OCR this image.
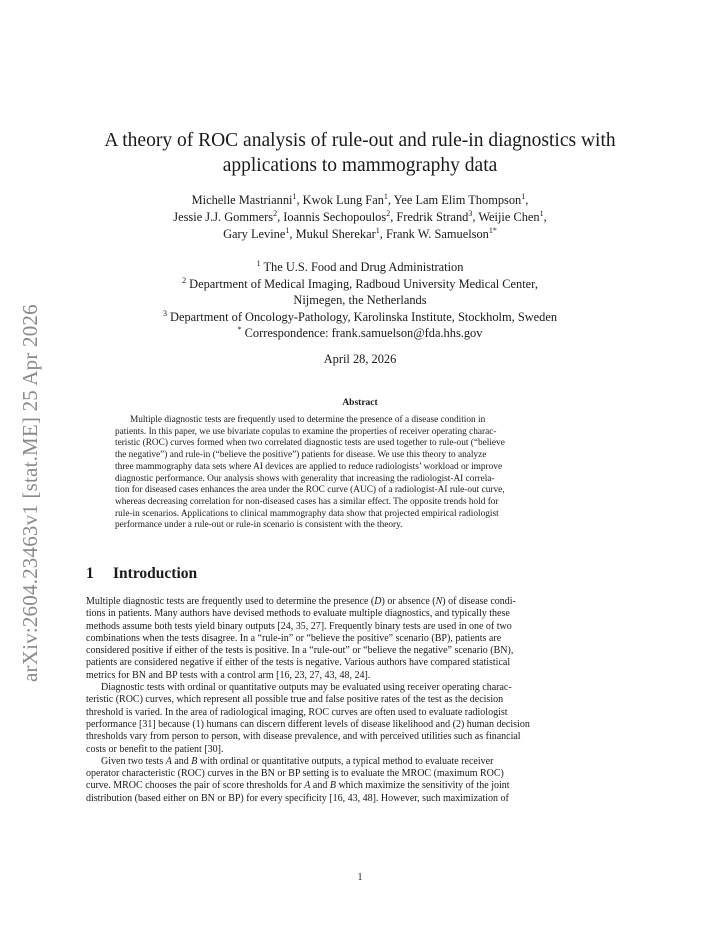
arXiv:2604.23463v1 [stat.ME] 25 Apr 2026
A theory of ROC analysis of rule-out and rule-in diagnostics with
applications to mammography data
Michelle Mastrianni$^1$, Kwok Lung Fan$^1$, Yee Lam Elim Thompson$^1$,
Jessie J.J. Gommers$^2$, Ioannis Sechopoulos$^2$, Fredrik Strand$^3$, Weijie Chen$^1$,
Gary Levine$^1$, Mukul Sherekar$^1$, Frank W. Samuelson$^{1*}$
$^1$ The U.S. Food and Drug Administration
$^2$ Department of Medical Imaging, Radboud University Medical Center,
Nijmegen, the Netherlands
$^3$ Department of Oncology-Pathology, Karolinska Institute, Stockholm, Sweden
* Correspondence: frank.samuelson@fda.hhs.gov
April 28, 2026
Abstract
Multiple diagnostic tests are frequently used to determine the presence of a disease condition in
patients. In this paper, we use bivariate copulas to examine the properties of receiver operating charac-
teristic (ROC) curves formed when two correlated diagnostic tests are used together to rule-out (“believe
the negative”) and rule-in (“believe the positive”) patients for disease. We use this theory to analyze
three mammography data sets where AI devices are applied to reduce radiologists’ workload or improve
diagnostic performance. Our analysis shows with generality that increasing the radiologist-AI correla-
tion for diseased cases enhances the area under the ROC curve (AUC) of a radiologist-AI rule-out curve,
whereas decreasing correlation for non-diseased cases has a similar effect. The opposite trends hold for
rule-in scenarios. Applications to clinical mammography data show that projected empirical radiologist
performance under a rule-out or rule-in scenario is consistent with the theory.
1 Introduction
Multiple diagnostic tests are frequently used to determine the presence (D) or absence (N) of disease condi-
tions in patients. Many authors have devised methods to evaluate multiple diagnostics, and typically these
methods assume both tests yield binary outputs [24, 35, 27]. Frequently binary tests are used in one of two
combinations when the tests disagree. In a “rule-in” or “believe the positive” scenario (BP), patients are
considered positive if either of the tests is positive. In a “rule-out” or “believe the negative” scenario (BN),
patients are considered negative if either of the tests is negative. Various authors have compared statistical
metrics for BN and BP tests with a control arm [16, 23, 27, 43, 48, 24].
Diagnostic tests with ordinal or quantitative outputs may be evaluated using receiver operating charac-
teristic (ROC) curves, which represent all possible true and false positive rates of the test as the decision
threshold is varied. In the area of radiological imaging, ROC curves are often used to evaluate radiologist
performance [31] because (1) humans can discern different levels of disease likelihood and (2) human decision
thresholds vary from person to person, with disease prevalence, and with perceived utilities such as financial
costs or benefit to the patient [30].
Given two tests A and B with ordinal or quantitative outputs, a typical method to evaluate receiver
operator characteristic (ROC) curves in the BN or BP setting is to evaluate the MROC (maximum ROC)
curve. MROC chooses the pair of score thresholds for A and B which maximize the sensitivity of the joint
distribution (based either on BN or BP) for every specificity [16, 43, 48]. However, such maximization of
1
